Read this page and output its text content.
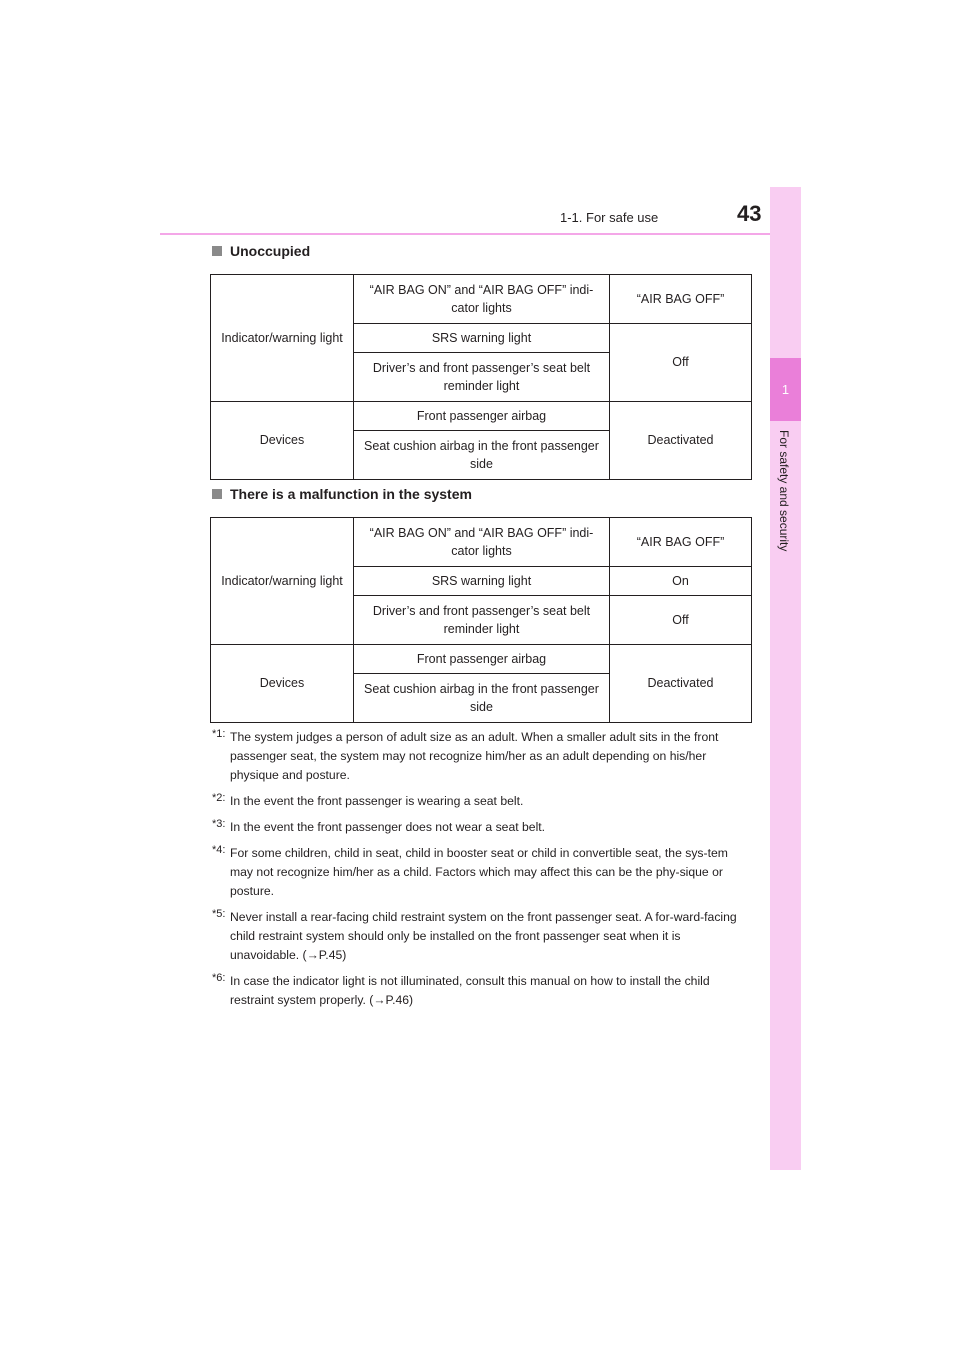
1-1. For safe use	43
1
For safety and security
Unoccupied
Indicator/warning light	“AIR BAG ON” and “AIR BAG OFF” indi-cator lights	“AIR BAG OFF”
	SRS warning light	Off
	Driver’s and front passenger’s seat belt reminder light	
Devices	Front passenger airbag	Deactivated
	Seat cushion airbag in the front passenger side	
There is a malfunction in the system
Indicator/warning light	“AIR BAG ON” and “AIR BAG OFF” indi-cator lights	“AIR BAG OFF”
	SRS warning light	On
	Driver’s and front passenger’s seat belt reminder light	Off
Devices	Front passenger airbag	Deactivated
	Seat cushion airbag in the front passenger side	
*1: The system judges a person of adult size as an adult. When a smaller adult sits in the front passenger seat, the system may not recognize him/her as an adult depending on his/her physique and posture.
*2: In the event the front passenger is wearing a seat belt.
*3: In the event the front passenger does not wear a seat belt.
*4: For some children, child in seat, child in booster seat or child in convertible seat, the sys-tem may not recognize him/her as a child. Factors which may affect this can be the phy-sique or posture.
*5: Never install a rear-facing child restraint system on the front passenger seat. A for-ward-facing child restraint system should only be installed on the front passenger seat when it is unavoidable. (→P.45)
*6: In case the indicator light is not illuminated, consult this manual on how to install the child restraint system properly. (→P.46)
